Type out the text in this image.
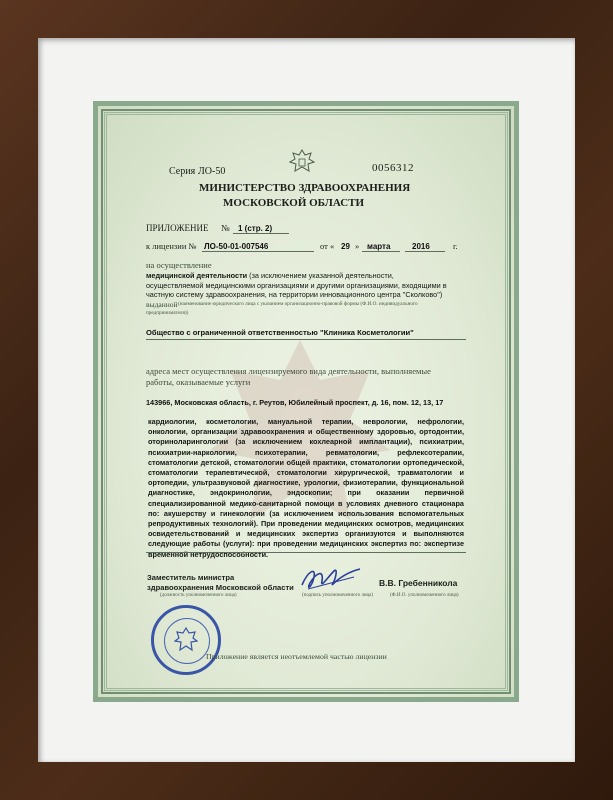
Серия ЛО-50	0056312
МИНИСТЕРСТВО ЗДРАВООХРАНЕНИЯ
МОСКОВСКОЙ ОБЛАСТИ
ПРИЛОЖЕНИЕ № 1 (стр. 2)
к лицензии № ЛО-50-01-007546	от « 29 » марта	2016	г.
на осуществление
медицинской деятельности (за исключением указанной деятельности,
осуществляемой медицинскими организациями и другими организациями, входящими в
частную систему здравоохранения, на территории инновационного центра "Сколково")
выданной (наименование юридического лица с указанием организационно-правовой формы (Ф.И.О. индивидуального
предпринимателя))
Общество с ограниченной ответственностью "Клиника Косметологии"
адреса мест осуществления лицензируемого вида деятельности, выполняемые
работы, оказываемые услуги
143966, Московская область, г. Реутов, Юбилейный проспект, д. 16, пом. 12, 13, 17
кардиологии, косметологии, мануальной терапии, неврологии, нефрологии, онкологии, организации здравоохранения и общественному здоровью, ортодонтии, оториноларингологии (за исключением кохлеарной имплантации), психиатрии, психиатрии-наркологии, психотерапии, ревматологии, рефлексотерапии, стоматологии детской, стоматологии общей практики, стоматологии ортопедической, стоматологии терапевтической, стоматологии хирургической, травматологии и ортопедии, ультразвуковой диагностике, урологии, физиотерапии, функциональной диагностике, эндокринологии, эндоскопии; при оказании первичной специализированной медико-санитарной помощи в условиях дневного стационара по: акушерству и гинекологии (за исключением использования вспомогательных репродуктивных технологий). При проведении медицинских осмотров, медицинских освидетельствований и медицинских экспертиз организуются и выполняются следующие работы (услуги): при проведении медицинских экспертиз по: экспертизе временной нетрудоспособности.
Заместитель министра
здравоохранения Московской области
(должность уполномоченного лица)	(подпись уполномоченного лица)
В.В. Гребенникола
(Ф.И.О. уполномоченного лица)
Приложение является неотъемлемой частью лицензии
